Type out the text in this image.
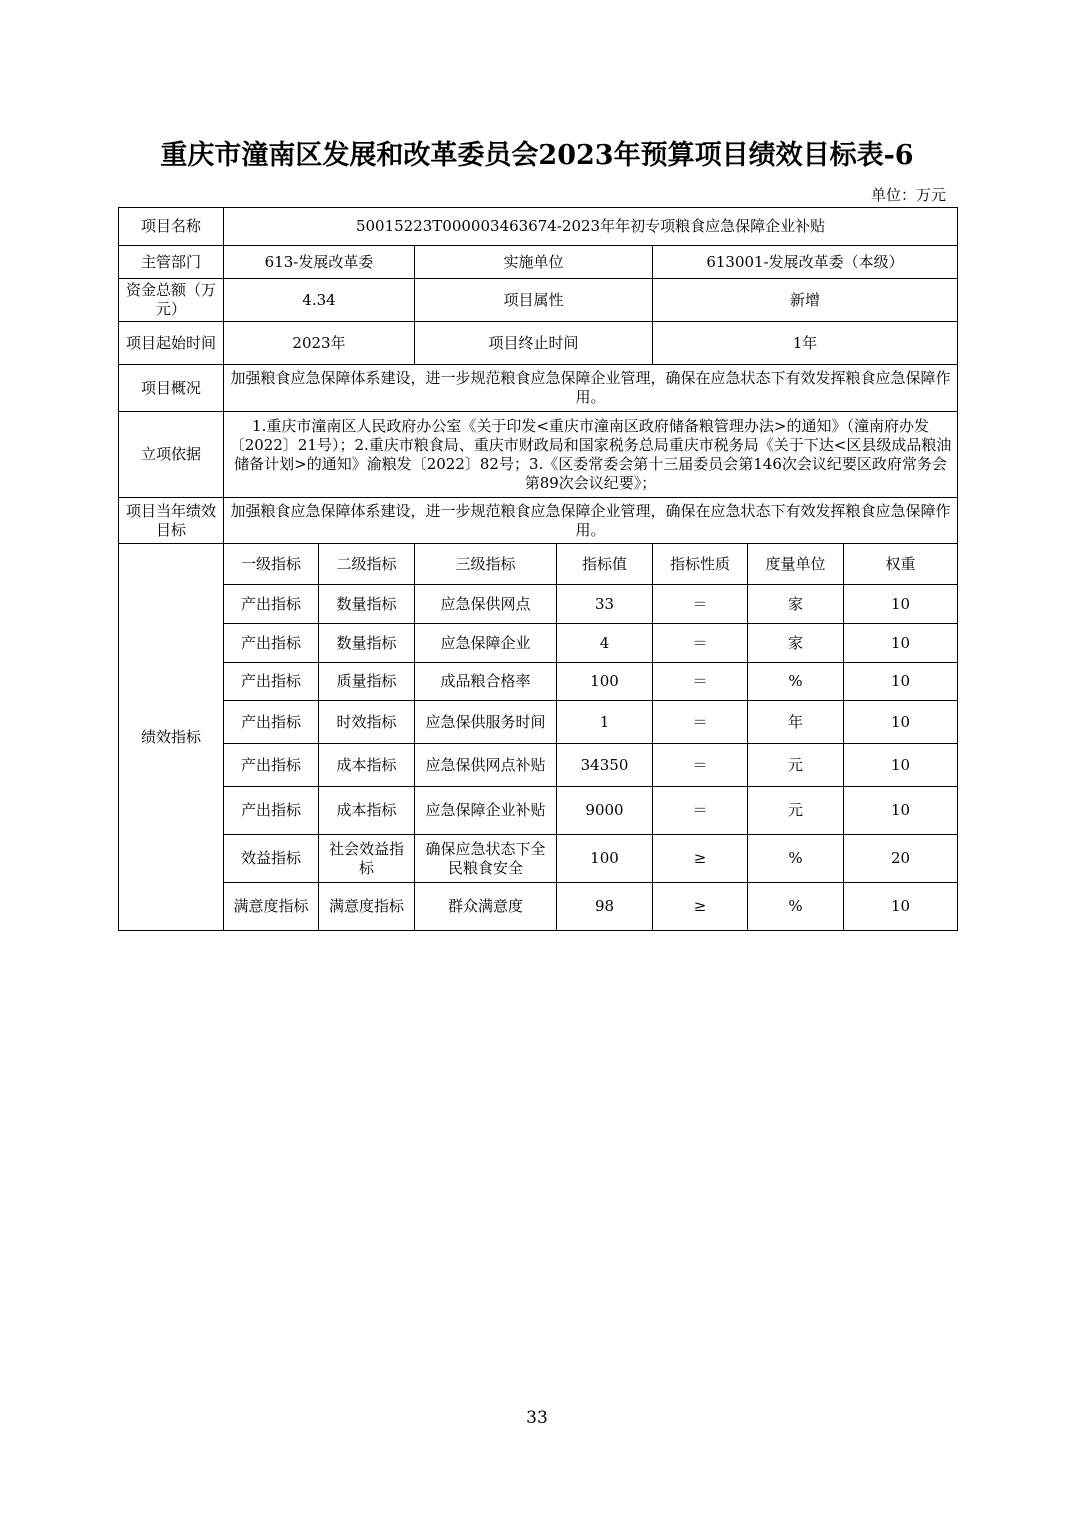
重庆市潼南区发展和改革委员会2023年预算项目绩效目标表-6
单位：万元
项目名称	50015223T000003463674-2023年年初专项粮食应急保障企业补贴						
主管部门	613-发展改革委		实施单位		613001-发展改革委（本级）		
资金总额（万元）	4.34		项目属性		新增		
项目起始时间	2023年		项目终止时间		1年		
项目概况	加强粮食应急保障体系建设，进一步规范粮食应急保障企业管理，确保在应急状态下有效发挥粮食应急保障作用。						
立项依据	1.重庆市潼南区人民政府办公室《关于印发<重庆市潼南区政府储备粮管理办法>的通知》（潼南府办发〔2022〕21号）；2.重庆市粮食局、重庆市财政局和国家税务总局重庆市税务局《关于下达<区县级成品粮油储备计划>的通知》渝粮发〔2022〕82号；3.《区委常委会第十三届委员会第146次会议纪要区政府常务会第89次会议纪要》；						
项目当年绩效目标	加强粮食应急保障体系建设，进一步规范粮食应急保障企业管理，确保在应急状态下有效发挥粮食应急保障作用。						
绩效指标	一级指标	二级指标	三级指标	指标值	指标性质	度量单位	权重
	产出指标	数量指标	应急保供网点	33	＝	家	10
	产出指标	数量指标	应急保障企业	4	＝	家	10
	产出指标	质量指标	成品粮合格率	100	＝	%	10
	产出指标	时效指标	应急保供服务时间	1	＝	年	10
	产出指标	成本指标	应急保供网点补贴	34350	＝	元	10
	产出指标	成本指标	应急保障企业补贴	9000	＝	元	10
	效益指标	社会效益指标	确保应急状态下全民粮食安全	100	≥	%	20
	满意度指标	满意度指标	群众满意度	98	≥	%	10
33
